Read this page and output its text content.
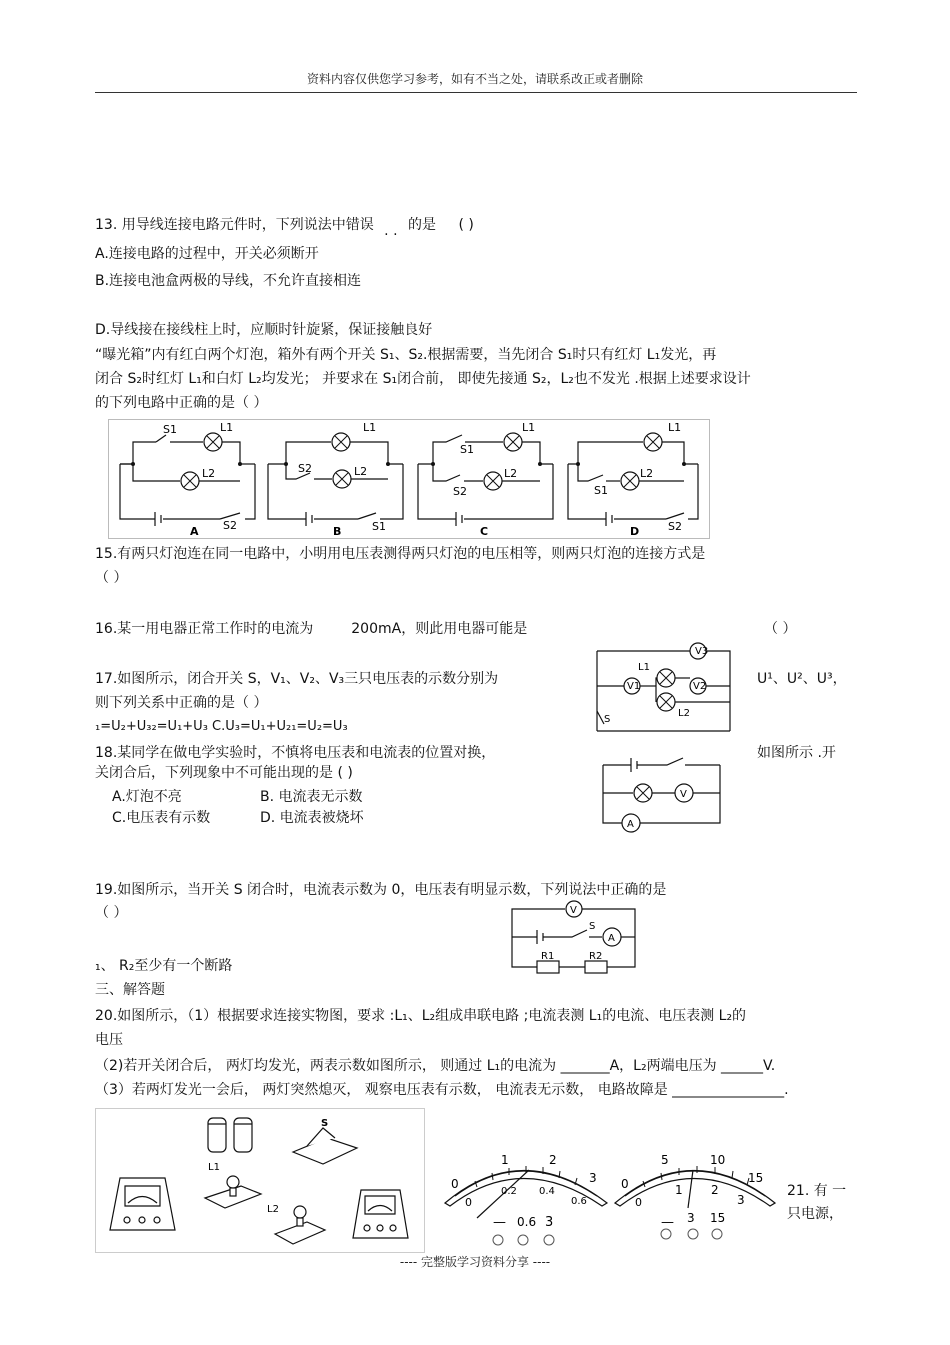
资料内容仅供您学习参考，如有不当之处，请联系改正或者删除
13. 用导线连接电路元件时，下列说法中错误 . . 的是 ( )
A.连接电路的过程中，开关必须断开
B.连接电池盒两极的导线，不允许直接相连
D.导线接在接线柱上时，应顺时针旋紧，保证接触良好
“曝光箱”内有红白两个灯泡，箱外有两个开关 S₁、S₂.根据需要，当先闭合 S₁时只有红灯 L₁发光，再
闭合 S₂时红灯 L₁和白灯 L₂均发光； 并要求在 S₁闭合前， 即使先接通 S₂，L₂也不发光 .根据上述要求设计
的下列电路中正确的是（ ）
S1	L1
L2
S2
A
S2
L1
L2
S1
B
S1
L1
S2
L2
C
L1
S1
L2
S2
D
15.有两只灯泡连在同一电路中，小明用电压表测得两只灯泡的电压相等，则两只灯泡的连接方式是
（ ）
16.某一用电器正常工作时的电流为	200mA，则此用电器可能是	（ ）
17.如图所示，闭合开关 S，V₁、V₂、V₃三只电压表的示数分别为
则下列关系中正确的是（ ）
₁=U₂+U₃₂=U₁+U₃ C.U₃=U₁+U₂₁=U₂=U₃
U¹、U²、U³，
V3
V1	V2
L1
L2
S
18.某同学在做电学实验时，不慎将电压表和电流表的位置对换，	如图所示 .开
关闭合后，下列现象中不可能出现的是 ( )
A.灯泡不亮	B. 电流表无示数
C.电压表有示数	D. 电流表被烧坏
V
A
19.如图所示，当开关 S 闭合时，电流表示数为 0，电压表有明显示数，下列说法中正确的是
（ ）
₁、 R₂至少有一个断路
V
S
A
R1	R2
三、解答题
20.如图所示，（1）根据要求连接实物图，要求 :L₁、L₂组成串联电路 ;电流表测 L₁的电流、电压表测 L₂的
电压
（2)若开关闭合后， 两灯均发光，两表示数如图所示， 则通过 L₁的电流为 _______A，L₂两端电压为 ______V.
（3）若两灯发光一会后， 两灯突然熄灭， 观察电压表有示数， 电流表无示数， 电路故障是 ________________.
S
L1
L2
0
1	2
3
0.2 0.4
0.6
0
— 0.6 3
0
5	10
15
0
1 2
3
— 3 15
21. 有 一
只电源，
---- 完整版学习资料分享 ----
